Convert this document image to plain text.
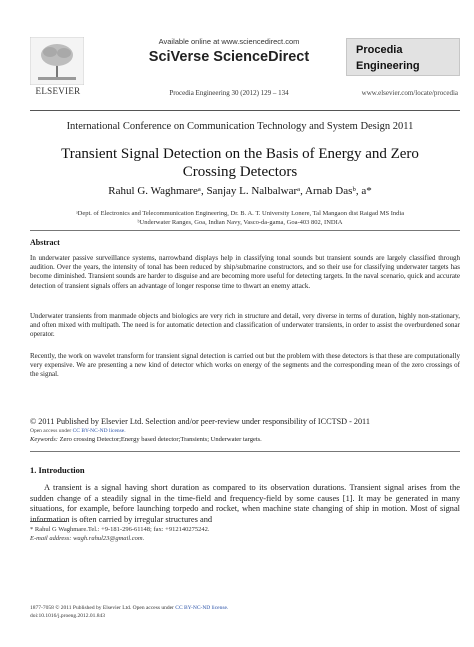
ELSEVIER
Available online at www.sciencedirect.com
SciVerse ScienceDirect
Procedia Engineering 30 (2012) 129 – 134
Procedia
Engineering
www.elsevier.com/locate/procedia
International Conference on Communication Technology and System Design 2011
Transient Signal Detection on the Basis of Energy and Zero Crossing Detectors
Rahul G. Waghmareᵃ, Sanjay L. Nalbalwarᵃ, Arnab Dasᵇ, a*
ᵃDept. of Electronics and Telecommunication Engineering, Dr. B. A. T. University Lonere, Tal Mangaon dist Raigad MS India
ᵇUnderwater Ranges, Goa, Indian Navy, Vasco-da-gama, Goa-403 802, INDIA
Abstract
In underwater passive surveillance systems, narrowband displays help in classifying tonal sounds but transient sounds are largely classified through audition. Over the years, the intensity of tonal has been reduced by ship/submarine constructors, and so their use for classifying underwater targets has become diminished. Transient sounds are harder to disguise and are becoming more useful for detecting targets. In the naval scenario, quick and accurate detection of transient signals offers an advantage of longer response time to thwart an enemy attack.
Underwater transients from manmade objects and biologics are very rich in structure and detail, very diverse in terms of duration, highly non-stationary, and often mixed with multipath. The need is for automatic detection and classification of underwater transients, in order to assist the overburdened sonar operator.
Recently, the work on wavelet transform for transient signal detection is carried out but the problem with these detectors is that these are computationally very expensive. We are presenting a new kind of detector which works on energy of the segments and the corresponding mean of the zero crossings of the signal.
© 2011 Published by Elsevier Ltd. Selection and/or peer-review under responsibility of ICCTSD - 2011
Open access under CC BY-NC-ND license.
Keywords: Zero crossing Detector;Energy based detector;Transients; Underwater targets.
1. Introduction
A transient is a signal having short duration as compared to its observation durations. Transient signal arises from the sudden change of a steadily signal in the time-field and frequency-field by some causes [1]. It may be generated in many situations, for example, before launching torpedo and rocket, when machine state changing of ship in motion. Most of signal information is often carried by irregular structures and
* Rahul G Waghmare.Tel.: +9-181-296-61148; fax: +912140275242.
E-mail address: wagh.rahul23@gmail.com.
1877-7058 © 2011 Published by Elsevier Ltd. Open access under CC BY-NC-ND license.
doi:10.1016/j.proeng.2012.01.843
